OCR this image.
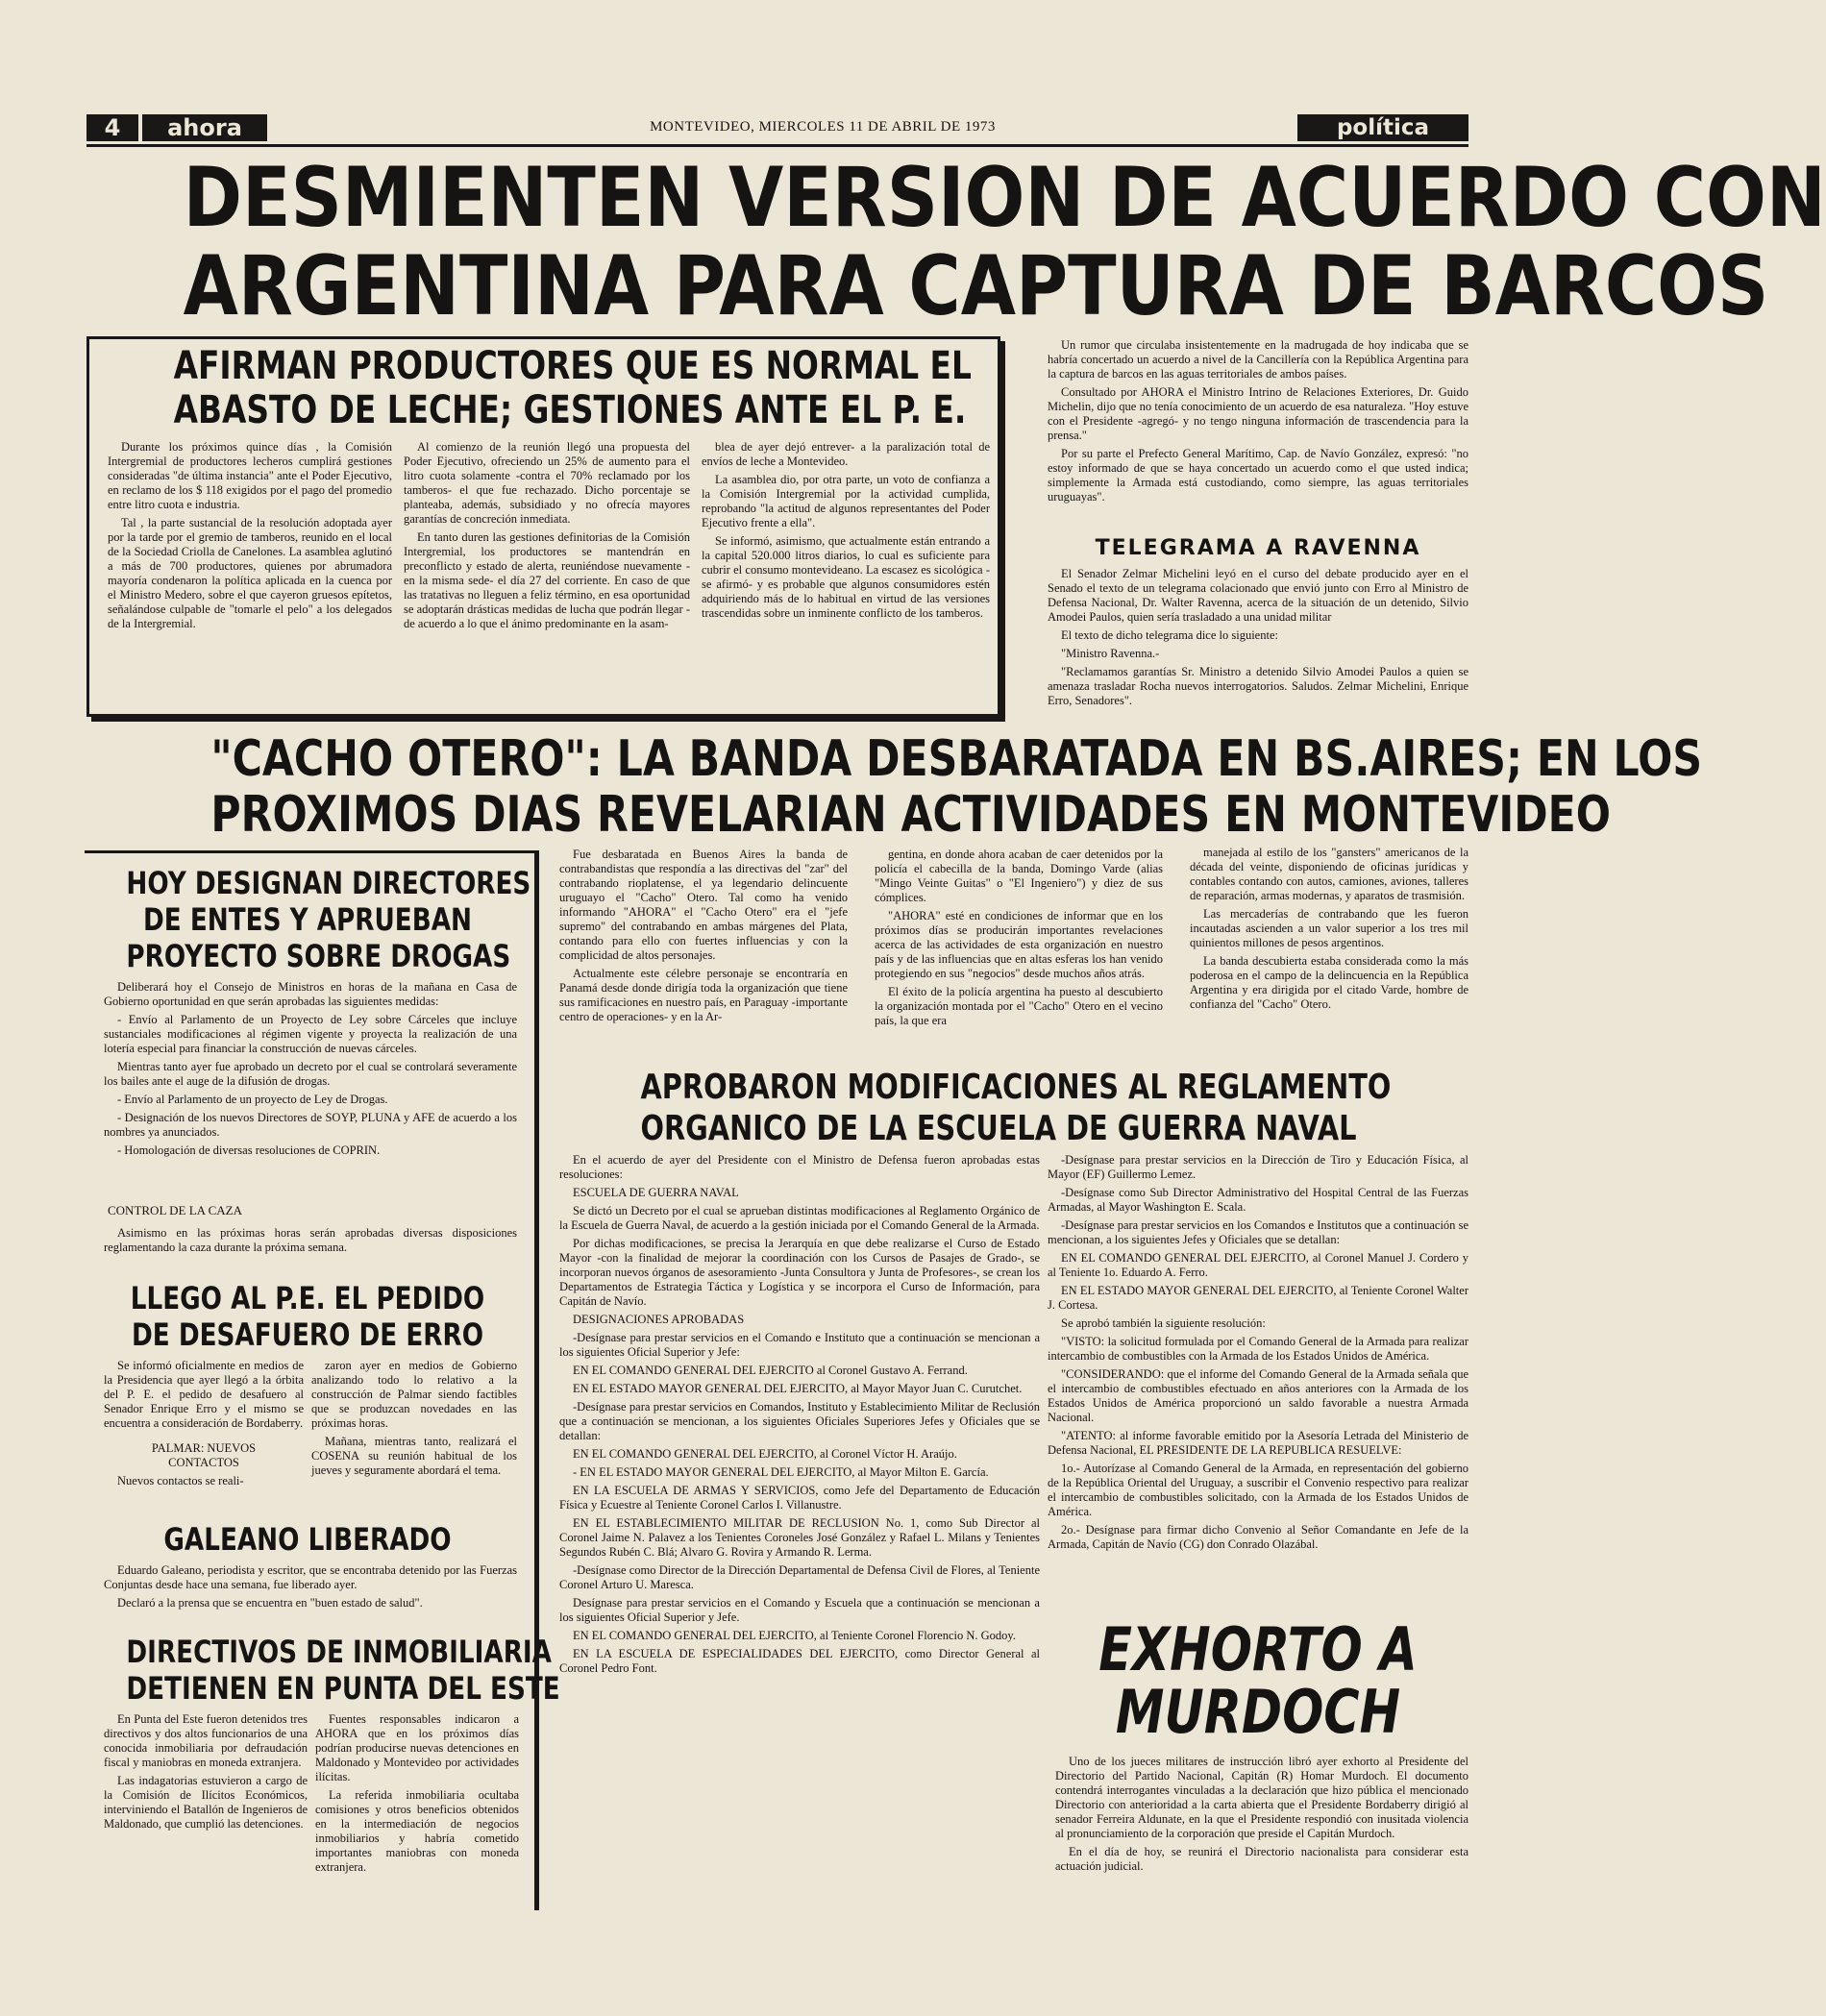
4	ahora	MONTEVIDEO, MIERCOLES 11 DE ABRIL DE 1973	política
DESMIENTEN VERSION DE ACUERDO CON
ARGENTINA PARA CAPTURA DE BARCOS
AFIRMAN PRODUCTORES QUE ES NORMAL EL
ABASTO DE LECHE; GESTIONES ANTE EL P. E.

Durante los próximos quince días , la Comisión Intergremial de productores lecheros cumplirá gestiones consideradas "de última instancia" ante el Poder Ejecutivo, en reclamo de los $ 118 exigidos por el pago del promedio entre litro cuota e industria.

Tal , la parte sustancial de la resolución adoptada ayer por la tarde por el gremio de tamberos, reunido en el local de la Sociedad Criolla de Canelones. La asamblea aglutinó a más de 700 productores, quienes por abrumadora mayoría condenaron la política aplicada en la cuenca por el Ministro Medero, sobre el que cayeron gruesos epítetos, señalándose culpable de "tomarle el pelo" a los delegados de la Intergremial.

Al comienzo de la reunión llegó una propuesta del Poder Ejecutivo, ofreciendo un 25% de aumento para el litro cuota solamente -contra el 70% reclamado por los tamberos- el que fue rechazado. Dicho porcentaje se planteaba, además, subsidiado y no ofrecía mayores garantías de concreción inmediata.

En tanto duren las gestiones definitorias de la Comisión Intergremial, los productores se mantendrán en preconflicto y estado de alerta, reuniéndose nuevamente -en la misma sede- el día 27 del corriente. En caso de que las tratativas no lleguen a feliz término, en esa oportunidad se adoptarán drásticas medidas de lucha que podrán llegar -de acuerdo a lo que el ánimo predominante en la asam-

blea de ayer dejó entrever- a la paralización total de envíos de leche a Montevideo.

La asamblea dio, por otra parte, un voto de confianza a la Comisión Intergremial por la actividad cumplida, reprobando "la actitud de algunos representantes del Poder Ejecutivo frente a ella".

Se informó, asimismo, que actualmente están entrando a la capital 520.000 litros diarios, lo cual es suficiente para cubrir el consumo montevideano. La escasez es sicológica -se afirmó- y es probable que algunos consumidores estén adquiriendo más de lo habitual en virtud de las versiones trascendidas sobre un inminente conflicto de los tamberos.

Un rumor que circulaba insistentemente en la madrugada de hoy indicaba que se habría concertado un acuerdo a nivel de la Cancillería con la República Argentina para la captura de barcos en las aguas territoriales de ambos países.

Consultado por AHORA el Ministro Intrino de Relaciones Exteriores, Dr. Guido Michelin, dijo que no tenía conocimiento de un acuerdo de esa naturaleza. "Hoy estuve con el Presidente -agregó- y no tengo ninguna información de trascendencia para la prensa."

Por su parte el Prefecto General Marítimo, Cap. de Navío González, expresó: "no estoy informado de que se haya concertado un acuerdo como el que usted indica; simplemente la Armada está custodiando, como siempre, las aguas territoriales uruguayas".

TELEGRAMA A RAVENNA

El Senador Zelmar Michelini leyó en el curso del debate producido ayer en el Senado el texto de un telegrama colacionado que envió junto con Erro al Ministro de Defensa Nacional, Dr. Walter Ravenna, acerca de la situación de un detenido, Silvio Amodei Paulos, quien sería trasladado a una unidad militar

El texto de dicho telegrama dice lo siguiente:

"Ministro Ravenna.-

"Reclamamos garantías Sr. Ministro a detenido Silvio Amodei Paulos a quien se amenaza trasladar Rocha nuevos interrogatorios. Saludos. Zelmar Michelini, Enrique Erro, Senadores".

"CACHO OTERO": LA BANDA DESBARATADA EN BS.AIRES; EN LOS
PROXIMOS DIAS REVELARIAN ACTIVIDADES EN MONTEVIDEO
HOY DESIGNAN DIRECTORES
DE ENTES Y APRUEBAN
PROYECTO SOBRE DROGAS

Deliberará hoy el Consejo de Ministros en horas de la mañana en Casa de Gobierno oportunidad en que serán aprobadas las siguientes medidas:

- Envío al Parlamento de un Proyecto de Ley sobre Cárceles que incluye sustanciales modificaciones al régimen vigente y proyecta la realización de una lotería especial para financiar la construcción de nuevas cárceles.

Mientras tanto ayer fue aprobado un decreto por el cual se controlará severamente los bailes ante el auge de la difusión de drogas.

- Envío al Parlamento de un proyecto de Ley de Drogas.

- Designación de los nuevos Directores de SOYP, PLUNA y AFE de acuerdo a los nombres ya anunciados.

- Homologación de diversas resoluciones de COPRIN.

CONTROL DE LA CAZA

Asimismo en las próximas horas serán aprobadas diversas disposiciones reglamentando la caza durante la próxima semana.

LLEGO AL P.E. EL PEDIDO
DE DESAFUERO DE ERRO

Se informó oficialmente en medios de la Presidencia que ayer llegó a la órbita del P. E. el pedido de desafuero al Senador Enrique Erro y el mismo se encuentra a consideración de Bordaberry.

PALMAR: NUEVOS
CONTACTOS

Nuevos contactos se reali-

zaron ayer en medios de Gobierno analizando todo lo relativo a la construcción de Palmar siendo factibles que se produzcan novedades en las próximas horas.

Mañana, mientras tanto, realizará el COSENA su reunión habitual de los jueves y seguramente abordará el tema.

GALEANO LIBERADO

Eduardo Galeano, periodista y escritor, que se encontraba detenido por las Fuerzas Conjuntas desde hace una semana, fue liberado ayer.

Declaró a la prensa que se encuentra en "buen estado de salud".

DIRECTIVOS DE INMOBILIARIA
DETIENEN EN PUNTA DEL ESTE

En Punta del Este fueron detenidos tres directivos y dos altos funcionarios de una conocida inmobiliaria por defraudación fiscal y maniobras en moneda extranjera.

Las indagatorias estuvieron a cargo de la Comisión de Ilícitos Económicos, interviniendo el Batallón de Ingenieros de Maldonado, que cumplió las detenciones.

Fuentes responsables indicaron a AHORA que en los próximos días podrían producirse nuevas detenciones en Maldonado y Montevideo por actividades ilícitas.

La referida inmobiliaria ocultaba comisiones y otros beneficios obtenidos en la intermediación de negocios inmobiliarios y habría cometido importantes maniobras con moneda extranjera.

Fue desbaratada en Buenos Aires la banda de contrabandistas que respondía a las directivas del "zar" del contrabando rioplatense, el ya legendario delincuente uruguayo el "Cacho" Otero. Tal como ha venido informando "AHORA" el "Cacho Otero" era el "jefe supremo" del contrabando en ambas márgenes del Plata, contando para ello con fuertes influencias y con la complicidad de altos personajes.

Actualmente este célebre personaje se encontraría en Panamá desde donde dirigía toda la organización que tiene sus ramificaciones en nuestro país, en Paraguay -importante centro de operaciones- y en la Ar-

gentina, en donde ahora acaban de caer detenidos por la policía el cabecilla de la banda, Domingo Varde (alias "Mingo Veinte Guitas" o "El Ingeniero") y diez de sus cómplices.

"AHORA" esté en condiciones de informar que en los próximos días se producirán importantes revelaciones acerca de las actividades de esta organización en nuestro país y de las influencias que en altas esferas los han venido protegiendo en sus "negocios" desde muchos años atrás.

El éxito de la policía argentina ha puesto al descubierto la organización montada por el "Cacho" Otero en el vecino país, la que era

manejada al estilo de los "gansters" americanos de la década del veinte, disponiendo de oficinas jurídicas y contables contando con autos, camiones, aviones, talleres de reparación, armas modernas, y aparatos de trasmisión.

Las mercaderías de contrabando que les fueron incautadas ascienden a un valor superior a los tres mil quinientos millones de pesos argentinos.

La banda descubierta estaba considerada como la más poderosa en el campo de la delincuencia en la República Argentina y era dirigida por el citado Varde, hombre de confianza del "Cacho" Otero.

APROBARON MODIFICACIONES AL REGLAMENTO
ORGANICO DE LA ESCUELA DE GUERRA NAVAL

En el acuerdo de ayer del Presidente con el Ministro de Defensa fueron aprobadas estas resoluciones:

ESCUELA DE GUERRA NAVAL

Se dictó un Decreto por el cual se aprueban distintas modificaciones al Reglamento Orgánico de la Escuela de Guerra Naval, de acuerdo a la gestión iniciada por el Comando General de la Armada.

Por dichas modificaciones, se precisa la Jerarquía en que debe realizarse el Curso de Estado Mayor -con la finalidad de mejorar la coordinación con los Cursos de Pasajes de Grado-, se incorporan nuevos órganos de asesoramiento -Junta Consultora y Junta de Profesores-, se crean los Departamentos de Estrategia Táctica y Logística y se incorpora el Curso de Información, para Capitán de Navío.

DESIGNACIONES APROBADAS

-Desígnase para prestar servicios en el Comando e Instituto que a continuación se mencionan a los siguientes Oficial Superior y Jefe:

EN EL COMANDO GENERAL DEL EJERCITO al Coronel Gustavo A. Ferrand.

EN EL ESTADO MAYOR GENERAL DEL EJERCITO, al Mayor Mayor Juan C. Curutchet.

-Desígnase para prestar servicios en Comandos, Instituto y Establecimiento Militar de Reclusión que a continuación se mencionan, a los siguientes Oficiales Superiores Jefes y Oficiales que se detallan:

EN EL COMANDO GENERAL DEL EJERCITO, al Coronel Víctor H. Araújo.

- EN EL ESTADO MAYOR GENERAL DEL EJERCITO, al Mayor Milton E. García.

EN LA ESCUELA DE ARMAS Y SERVICIOS, como Jefe del Departamento de Educación Física y Ecuestre al Teniente Coronel Carlos I. Villanustre.

EN EL ESTABLECIMIENTO MILITAR DE RECLUSION No. 1, como Sub Director al Coronel Jaime N. Palavez a los Tenientes Coroneles José González y Rafael L. Milans y Tenientes Segundos Rubén C. Blá; Alvaro G. Rovira y Armando R. Lerma.

-Desígnase como Director de la Dirección Departamental de Defensa Civil de Flores, al Teniente Coronel Arturo U. Maresca.

Desígnase para prestar servicios en el Comando y Escuela que a continuación se mencionan a los siguientes Oficial Superior y Jefe.

EN EL COMANDO GENERAL DEL EJERCITO, al Teniente Coronel Florencio N. Godoy.

EN LA ESCUELA DE ESPECIALIDADES DEL EJERCITO, como Director General al Coronel Pedro Font.

-Desígnase para prestar servicios en la Dirección de Tiro y Educación Física, al Mayor (EF) Guillermo Lemez.

-Desígnase como Sub Director Administrativo del Hospital Central de las Fuerzas Armadas, al Mayor Washington E. Scala.

-Desígnase para prestar servicios en los Comandos e Institutos que a continuación se mencionan, a los siguientes Jefes y Oficiales que se detallan:

EN EL COMANDO GENERAL DEL EJERCITO, al Coronel Manuel J. Cordero y al Teniente 1o. Eduardo A. Ferro.

EN EL ESTADO MAYOR GENERAL DEL EJERCITO, al Teniente Coronel Walter J. Cortesa.

Se aprobó también la siguiente resolución:

"VISTO: la solicitud formulada por el Comando General de la Armada para realizar intercambio de combustibles con la Armada de los Estados Unidos de América.

"CONSIDERANDO: que el informe del Comando General de la Armada señala que el intercambio de combustibles efectuado en años anteriores con la Armada de los Estados Unidos de América proporcionó un saldo favorable a nuestra Armada Nacional.

"ATENTO: al informe favorable emitido por la Asesoría Letrada del Ministerio de Defensa Nacional, EL PRESIDENTE DE LA REPUBLICA RESUELVE:

1o.- Autorízase al Comando General de la Armada, en representación del gobierno de la República Oriental del Uruguay, a suscribir el Convenio respectivo para realizar el intercambio de combustibles solicitado, con la Armada de los Estados Unidos de América.

2o.- Desígnase para firmar dicho Convenio al Señor Comandante en Jefe de la Armada, Capitán de Navío (CG) don Conrado Olazábal.

EXHORTO A
MURDOCH

Uno de los jueces militares de instrucción libró ayer exhorto al Presidente del Directorio del Partido Nacional, Capitán (R) Homar Murdoch. El documento contendrá interrogantes vinculadas a la declaración que hizo pública el mencionado Directorio con anterioridad a la carta abierta que el Presidente Bordaberry dirigió al senador Ferreira Aldunate, en la que el Presidente respondió con inusitada violencia al pronunciamiento de la corporación que preside el Capitán Murdoch.

En el día de hoy, se reunirá el Directorio nacionalista para considerar esta actuación judicial.
